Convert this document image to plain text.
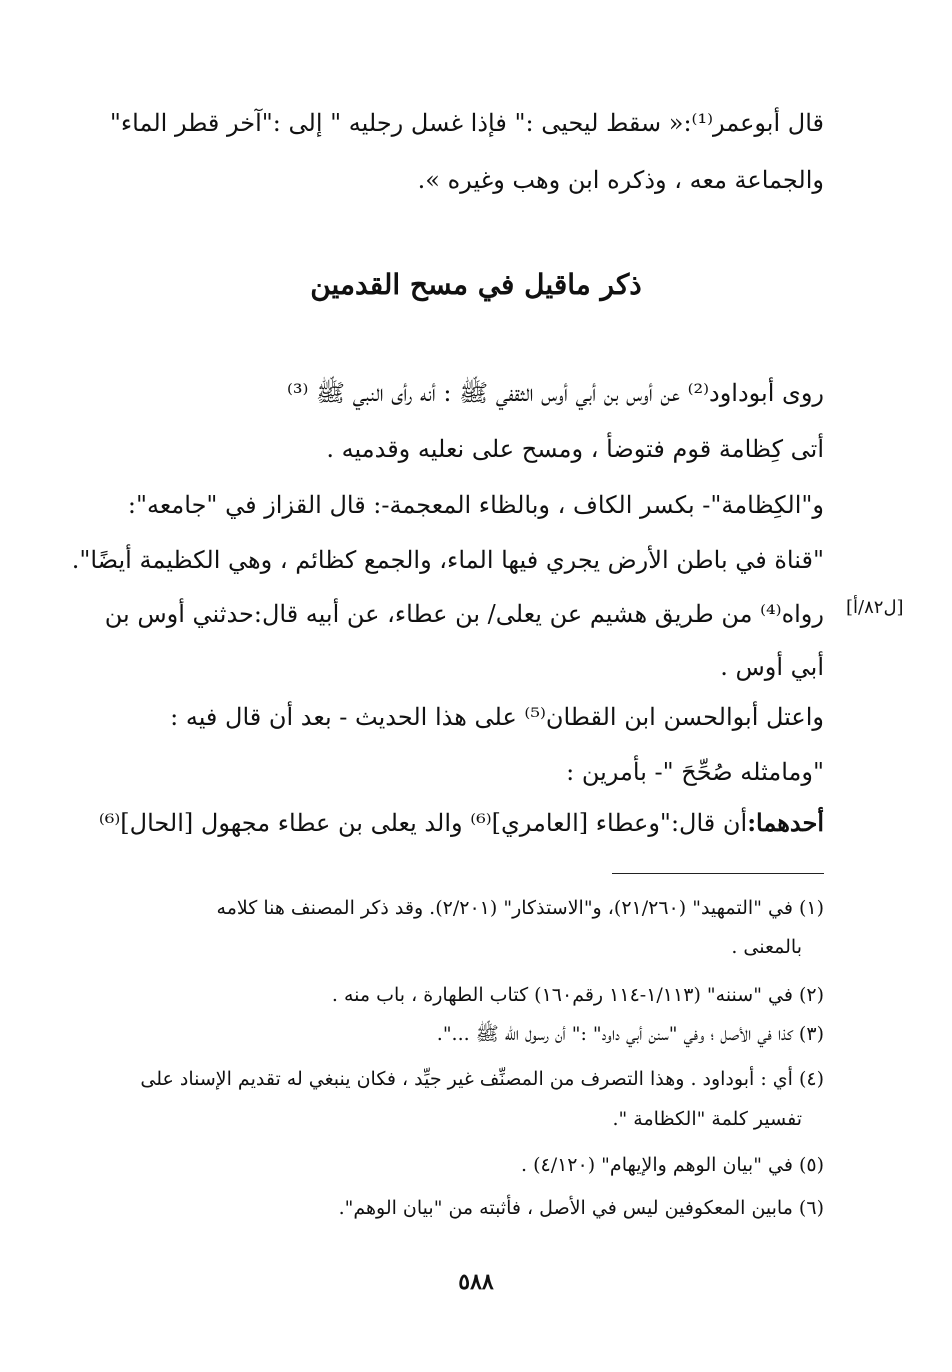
قال أبوعمر⁽¹⁾:« سقط ليحيى :" فإذا غسل رجليه " إلى :"آخر قطر الماء"
والجماعة معه ، وذكره ابن وهب وغيره ».
ذكر ماقيل في مسح القدمين
روى أبوداود⁽²⁾ عن أوس بن أبي أوس الثقفي ﷺ : أنه رأى النبي ﷺ ⁽³⁾
أتى كِظامة قوم فتوضأ ، ومسح على نعليه وقدميه .
و"الكِظامة"- بكسر الكاف ، وبالظاء المعجمة-: قال القزاز في "جامعه":
"قناة في باطن الأرض يجري فيها الماء، والجمع كظائم ، وهي الكظيمة أيضًا".
[ل٨٢/أ]
رواه⁽⁴⁾ من طريق هشيم عن يعلى/ بن عطاء، عن أبيه قال:حدثني أوس بن
أبي أوس .
واعتل أبوالحسن ابن القطان⁽⁵⁾ على هذا الحديث - بعد أن قال فيه :
"ومامثله صُحِّحَ "- بأمرين :
أحدهما:أن قال:"وعطاء [العامري]⁽⁶⁾ والد يعلى بن عطاء مجهول [الحال]⁽⁶⁾
(١) في "التمهيد" (٢١/٢٦٠)، و"الاستذكار" (٢/٢٠١). وقد ذكر المصنف هنا كلامه
بالمعنى .
(٢) في "سننه" (١/١١٣-١١٤ رقم١٦٠) كتاب الطهارة ، باب منه .
(٣) كذا في الأصل ؛ وفي "سنن أبي داود" :" أن رسول الله ﷺ ...".
(٤) أي : أبوداود . وهذا التصرف من المصنِّف غير جيِّد ، فكان ينبغي له تقديم الإسناد على
تفسير كلمة "الكظامة ".
(٥) في "بيان الوهم والإيهام" (٤/١٢٠) .
(٦) مابين المعكوفين ليس في الأصل ، فأثبته من "بيان الوهم".
٥٨٨
